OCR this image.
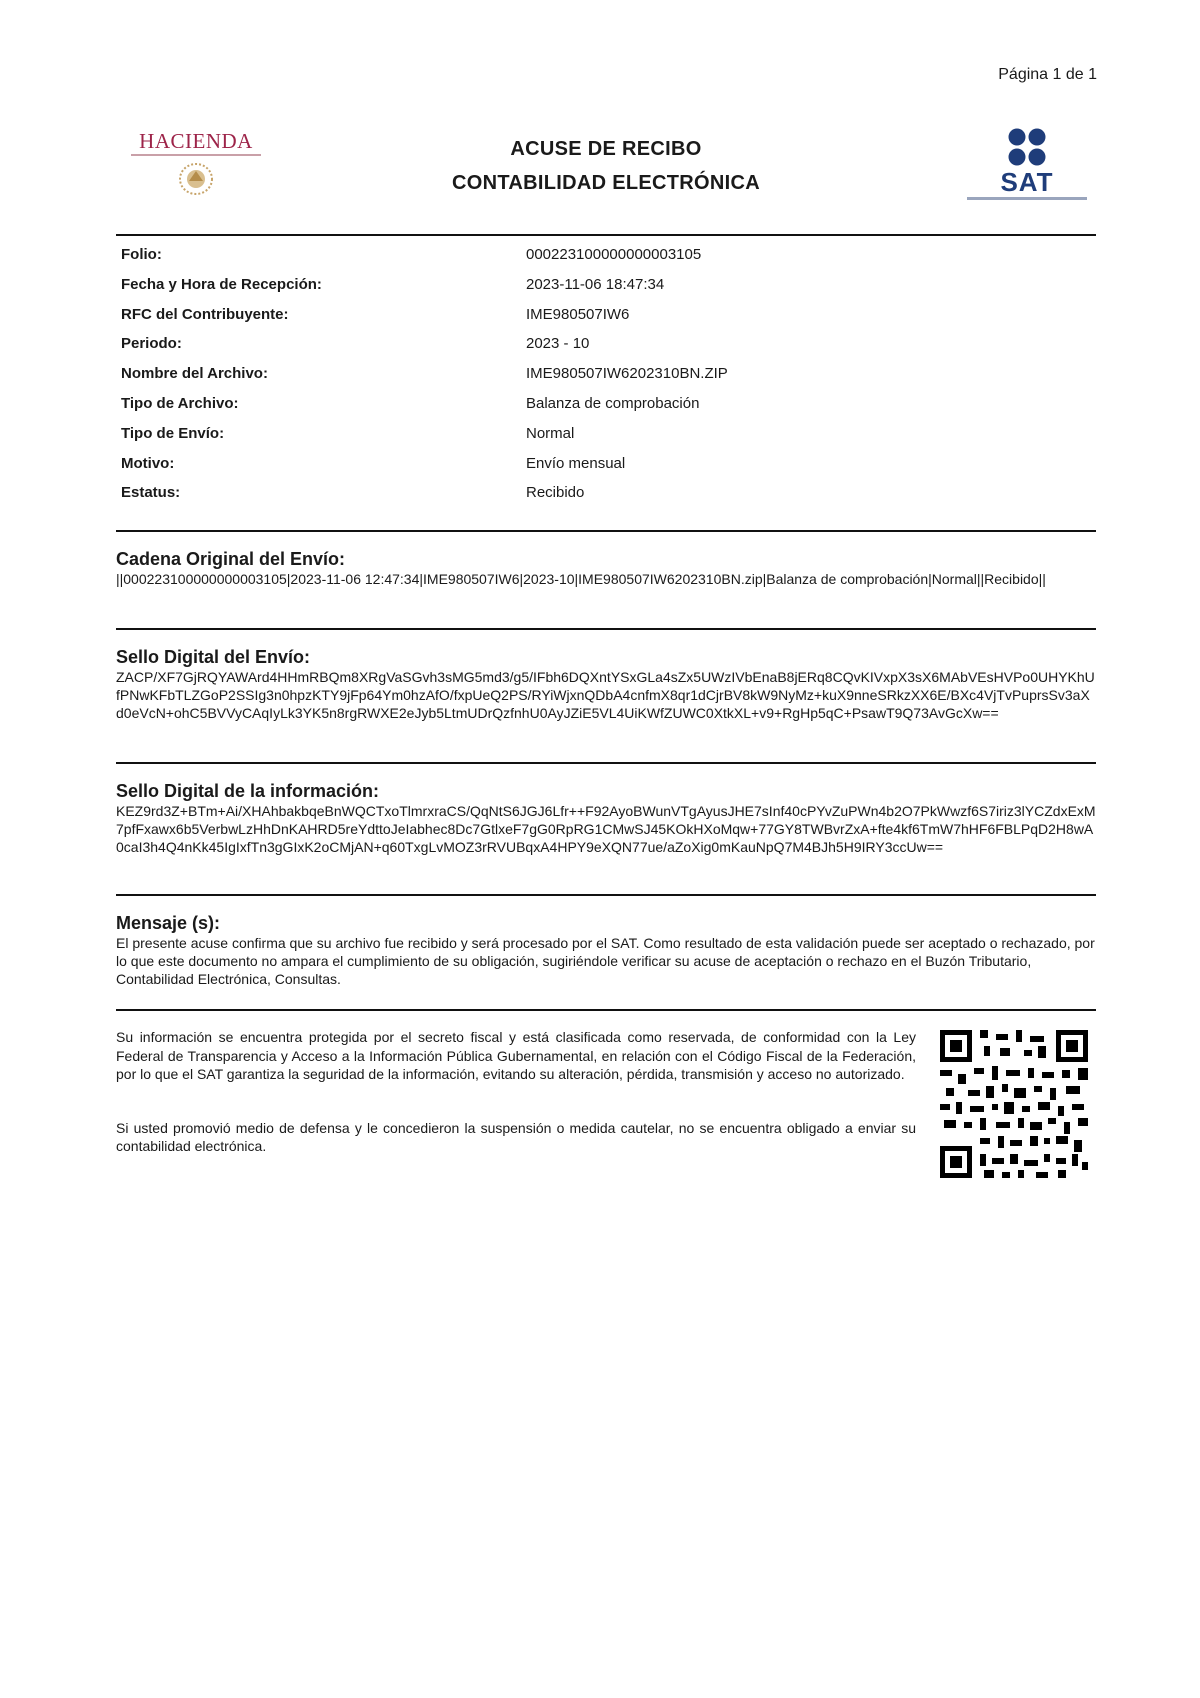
Página 1 de 1
HACIENDA	ACUSE DE RECIBO
CONTABILIDAD ELECTRÓNICA	SAT
Folio:	000223100000000003105
Fecha y Hora de Recepción:	2023-11-06 18:47:34
RFC del Contribuyente:	IME980507IW6
Periodo:	2023 - 10
Nombre del Archivo:	IME980507IW6202310BN.ZIP
Tipo de Archivo:	Balanza de comprobación
Tipo de Envío:	Normal
Motivo:	Envío mensual
Estatus:	Recibido
Cadena Original del Envío:

||000223100000000003105|2023-11-06 12:47:34|IME980507IW6|2023-10|IME980507IW6202310BN.zip|Balanza de comprobación|Normal||Recibido||

Sello Digital del Envío:

ZACP/XF7GjRQYAWArd4HHmRBQm8XRgVaSGvh3sMG5md3/g5/IFbh6DQXntYSxGLa4sZx5UWzIVbEnaB8jERq8CQvKIVxpX3sX6MAbVEsHVPo0UHYKhUfPNwKFbTLZGoP2SSIg3n0hpzKTY9jFp64Ym0hzAfO/fxpUeQ2PS/RYiWjxnQDbA4cnfmX8qr1dCjrBV8kW9NyMz+kuX9nneSRkzXX6E/BXc4VjTvPuprsSv3aXd0eVcN+ohC5BVVyCAqIyLk3YK5n8rgRWXE2eJyb5LtmUDrQzfnhU0AyJZiE5VL4UiKWfZUWC0XtkXL+v9+RgHp5qC+PsawT9Q73AvGcXw==

Sello Digital de la información:

KEZ9rd3Z+BTm+Ai/XHAhbakbqeBnWQCTxoTlmrxraCS/QqNtS6JGJ6Lfr++F92AyoBWunVTgAyusJHE7sInf40cPYvZuPWn4b2O7PkWwzf6S7iriz3lYCZdxExM7pfFxawx6b5VerbwLzHhDnKAHRD5reYdttoJeIabhec8Dc7GtlxeF7gG0RpRG1CMwSJ45KOkHXoMqw+77GY8TWBvrZxA+fte4kf6TmW7hHF6FBLPqD2H8wA0caI3h4Q4nKk45IgIxfTn3gGIxK2oCMjAN+q60TxgLvMOZ3rRVUBqxA4HPY9eXQN77ue/aZoXig0mKauNpQ7M4BJh5H9IRY3ccUw==

Mensaje (s):

El presente acuse confirma que su archivo fue recibido y será procesado por el SAT. Como resultado de esta validación puede ser aceptado o rechazado, por lo que este documento no ampara el cumplimiento de su obligación, sugiriéndole verificar su acuse de aceptación o rechazo en el Buzón Tributario, Contabilidad Electrónica, Consultas.

Su información se encuentra protegida por el secreto fiscal y está clasificada como reservada, de conformidad con la Ley Federal de Transparencia y Acceso a la Información Pública Gubernamental, en relación con el Código Fiscal de la Federación, por lo que el SAT garantiza la seguridad de la información, evitando su alteración, pérdida, transmisión y acceso no autorizado.

Si usted promovió medio de defensa y le concedieron la suspensión o medida cautelar, no se encuentra obligado a enviar su contabilidad electrónica.
